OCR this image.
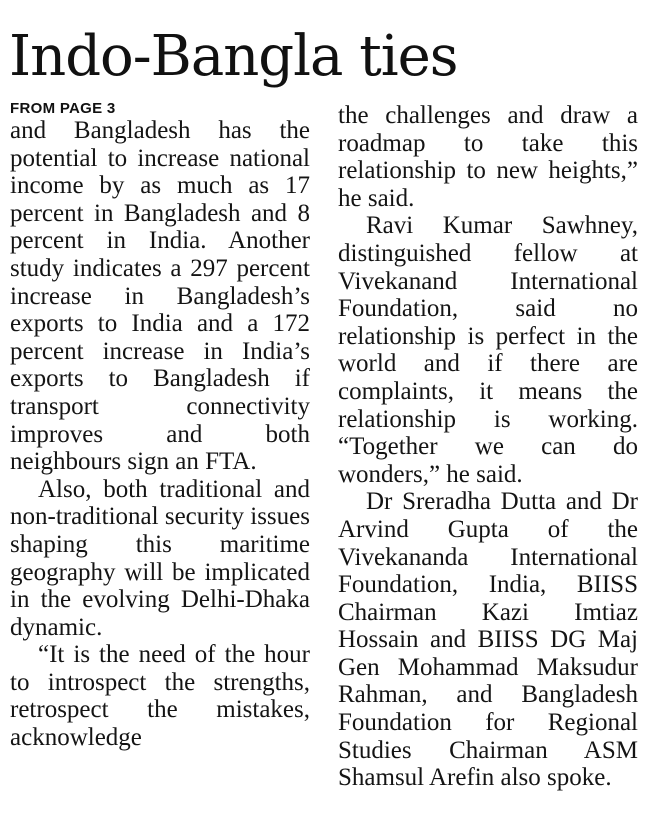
Indo-Bangla ties
FROM PAGE 3

and Bangladesh has the potential to increase national income by as much as 17 percent in Bangladesh and 8 percent in India. Another study indicates a 297 percent increase in Bangladesh’s exports to India and a 172 percent increase in India’s exports to Bangladesh if transport connectivity improves and both neighbours sign an FTA.

Also, both traditional and non-traditional security issues shaping this maritime geography will be implicated in the evolving Delhi-Dhaka dynamic.

“It is the need of the hour to introspect the strengths, retrospect the mistakes, acknowledge

the challenges and draw a roadmap to take this relationship to new heights,” he said.

Ravi Kumar Sawhney, distinguished fellow at Vivekanand International Foundation, said no relationship is perfect in the world and if there are complaints, it means the relationship is working. “Together we can do wonders,” he said.

Dr Sreradha Dutta and Dr Arvind Gupta of the Vivekananda International Foundation, India, BIISS Chairman Kazi Imtiaz Hossain and BIISS DG Maj Gen Mohammad Maksudur Rahman, and Bangladesh Foundation for Regional Studies Chairman ASM Shamsul Arefin also spoke.
